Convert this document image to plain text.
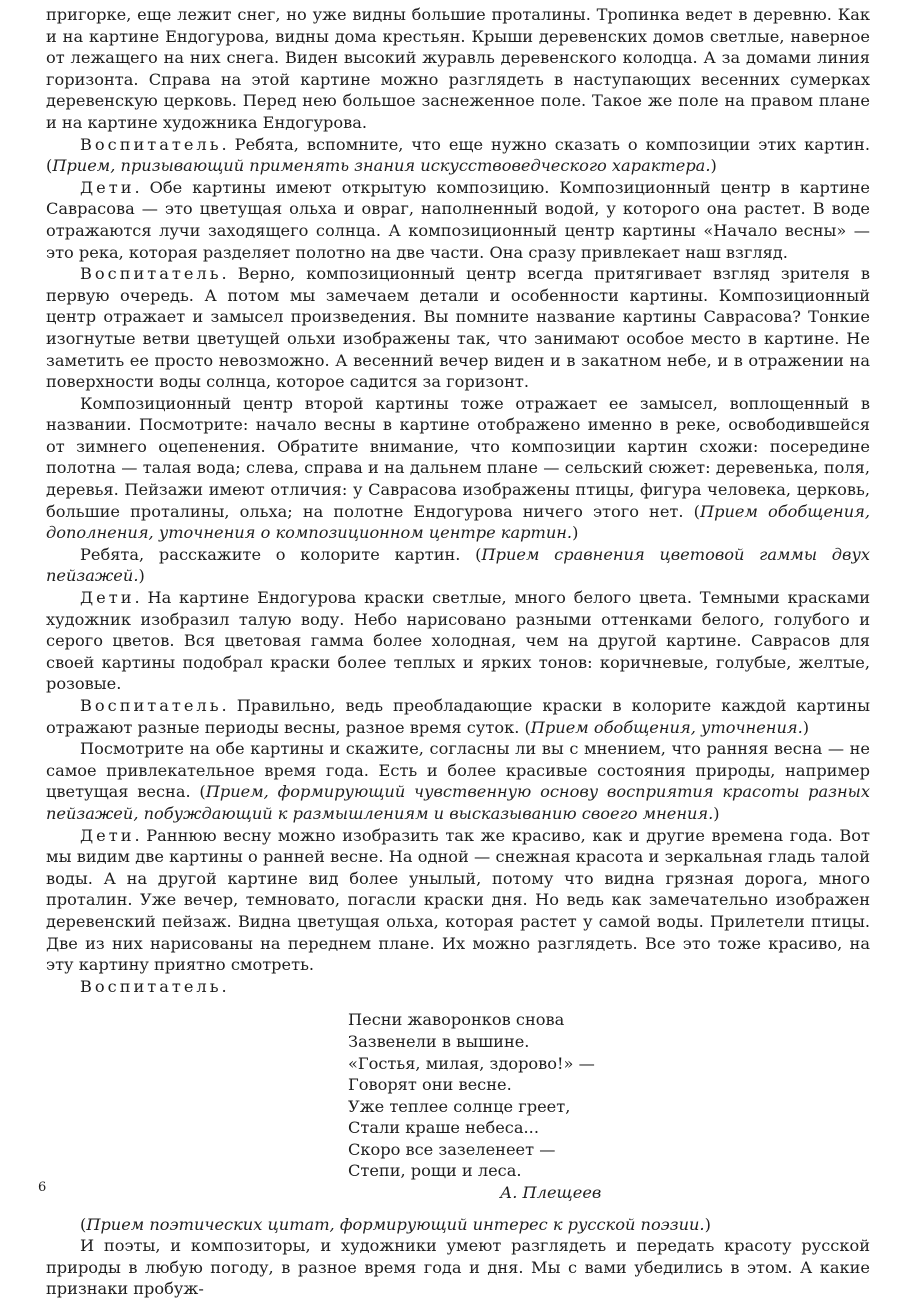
пригорке, еще лежит снег, но уже видны большие проталины. Тропинка ведет в деревню. Как и на картине Ендогурова, видны дома крестьян. Крыши деревенских домов светлые, наверное от лежащего на них снега. Виден высокий журавль деревенского колодца. А за домами линия горизонта. Справа на этой картине можно разглядеть в наступающих весенних сумерках деревенскую церковь. Перед нею большое заснеженное поле. Такое же поле на правом плане и на картине художника Ендогурова.

Воспитатель. Ребята, вспомните, что еще нужно сказать о композиции этих картин. (Прием, призывающий применять знания искусствоведческого характера.)

Дети. Обе картины имеют открытую композицию. Композиционный центр в картине Саврасова — это цветущая ольха и овраг, наполненный водой, у которого она растет. В воде отражаются лучи заходящего солнца. А композиционный центр картины «Начало весны» — это река, которая разделяет полотно на две части. Она сразу привлекает наш взгляд.

Воспитатель. Верно, композиционный центр всегда притягивает взгляд зрителя в первую очередь. А потом мы замечаем детали и особенности картины. Композиционный центр отражает и замысел произведения. Вы помните название картины Саврасова? Тонкие изогнутые ветви цветущей ольхи изображены так, что занимают особое место в картине. Не заметить ее просто невозможно. А весенний вечер виден и в закатном небе, и в отражении на поверхности воды солнца, которое садится за горизонт.

Композиционный центр второй картины тоже отражает ее замысел, воплощенный в названии. Посмотрите: начало весны в картине отображено именно в реке, освободившейся от зимнего оцепенения. Обратите внимание, что композиции картин схожи: посередине полотна — талая вода; слева, справа и на дальнем плане — сельский сюжет: деревенька, поля, деревья. Пейзажи имеют отличия: у Саврасова изображены птицы, фигура человека, церковь, большие проталины, ольха; на полотне Ендогурова ничего этого нет. (Прием обобщения, дополнения, уточнения о композиционном центре картин.)

Ребята, расскажите о колорите картин. (Прием сравнения цветовой гаммы двух пейзажей.)

Дети. На картине Ендогурова краски светлые, много белого цвета. Темными красками художник изобразил талую воду. Небо нарисовано разными оттенками белого, голубого и серого цветов. Вся цветовая гамма более холодная, чем на другой картине. Саврасов для своей картины подобрал краски более теплых и ярких тонов: коричневые, голубые, желтые, розовые.

Воспитатель. Правильно, ведь преобладающие краски в колорите каждой картины отражают разные периоды весны, разное время суток. (Прием обобщения, уточнения.)

Посмотрите на обе картины и скажите, согласны ли вы с мнением, что ранняя весна — не самое привлекательное время года. Есть и более красивые состояния природы, например цветущая весна. (Прием, формирующий чувственную основу восприятия красоты разных пейзажей, побуждающий к размышлениям и высказыванию своего мнения.)

Дети. Раннюю весну можно изобразить так же красиво, как и другие времена года. Вот мы видим две картины о ранней весне. На одной — снежная красота и зеркальная гладь талой воды. А на другой картине вид более унылый, потому что видна грязная дорога, много проталин. Уже вечер, темновато, погасли краски дня. Но ведь как замечательно изображен деревенский пейзаж. Видна цветущая ольха, которая растет у самой воды. Прилетели птицы. Две из них нарисованы на переднем плане. Их можно разглядеть. Все это тоже красиво, на эту картину приятно смотреть.

Воспитатель.

Песни жаворонков снова
Зазвенели в вышине.
«Гостья, милая, здорово!» —
Говорят они весне.
Уже теплее солнце греет,
Стали краше небеса...
Скоро все зазеленеет —
Степи, рощи и леса.
А. Плещеев

(Прием поэтических цитат, формирующий интерес к русской поэзии.)

И поэты, и композиторы, и художники умеют разглядеть и передать красоту русской природы в любую погоду, в разное время года и дня. Мы с вами убедились в этом. А какие признаки пробуж-

6
